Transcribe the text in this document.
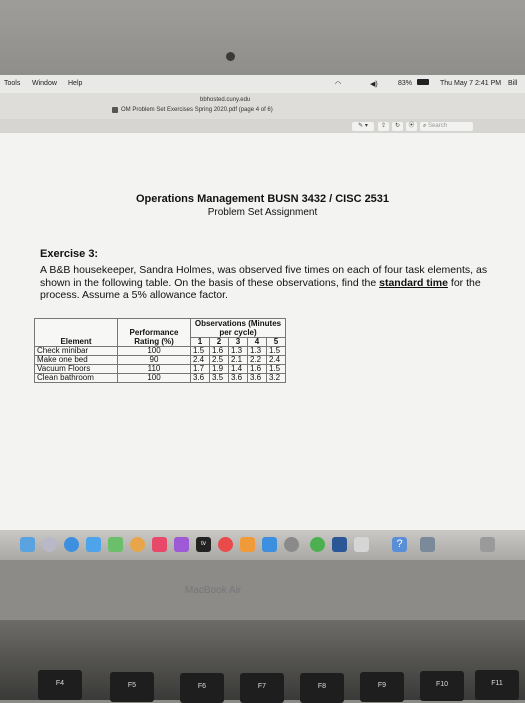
Tools Window Help	◠	◀)	83%	Thu May 7 2:41 PM Bill
bbhosted.cuny.edu
OM Problem Set Exercises Spring 2020.pdf (page 4 of 6)
✎ ▾	⇪	↻	⦿	⌕ Search
Operations Management BUSN 3432 / CISC 2531
Problem Set Assignment
Exercise 3:
A B&B housekeeper, Sandra Holmes, was observed five times on each of four task elements, as shown in the following table. On the basis of these observations, find the standard time for the process. Assume a 5% allowance factor.
Element	Performance Rating (%)	Observations (Minutes per cycle)				
		1	2	3	4	5
Check minibar	100	1.5	1.6	1.3	1.3	1.5
Make one bed	90	2.4	2.5	2.1	2.2	2.4
Vacuum Floors	110	1.7	1.9	1.4	1.6	1.5
Clean bathroom	100	3.6	3.5	3.6	3.6	3.2
tv	?
MacBook Air
F4	F5	F6	F7	F8	F9	F10	F11
